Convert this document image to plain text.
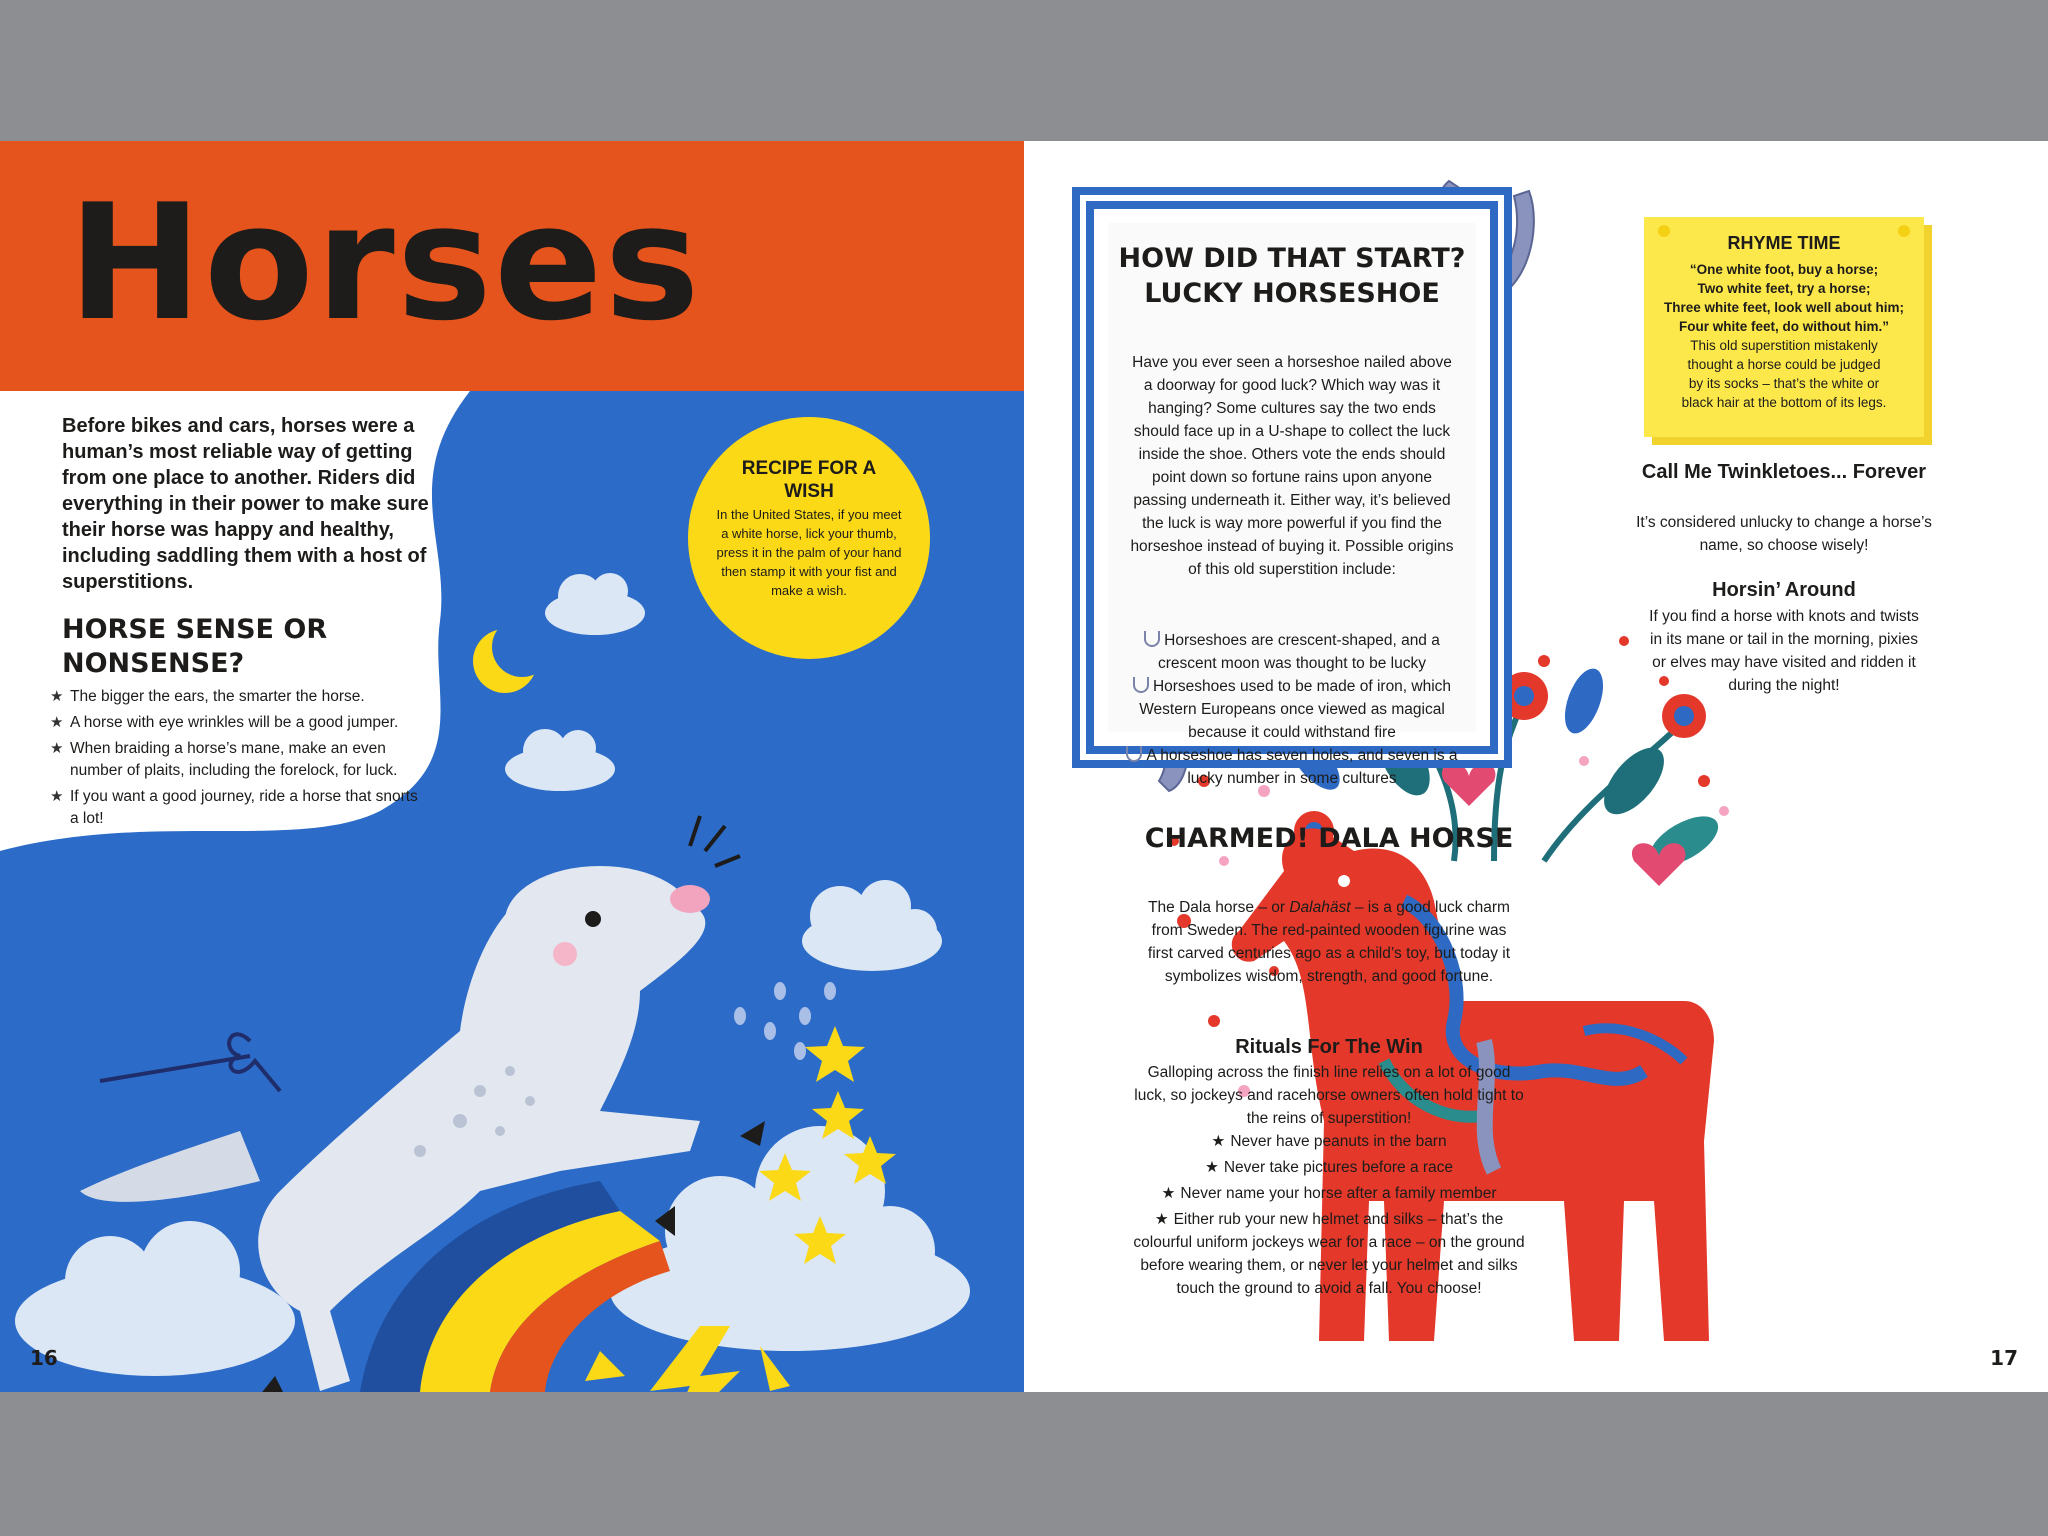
Horses

Before bikes and cars, horses were a human’s most reliable way of getting from one place to another. Riders did everything in their power to make sure their horse was happy and healthy, including saddling them with a host of superstitions.

HORSE SENSE OR NONSENSE?
★ The bigger the ears, the smarter the horse.
★ A horse with eye wrinkles will be a good jumper.
★ When braiding a horse’s mane, make an even number of plaits, including the forelock, for luck.
★ If you want a good journey, ride a horse that snorts a lot!

RECIPE FOR A WISH

In the United States, if you meet a white horse, lick your thumb, press it in the palm of your hand then stamp it with your fist and make a wish.

16
HOW DID THAT START? LUCKY HORSESHOE

Have you ever seen a horseshoe nailed above a doorway for good luck? Which way was it hanging? Some cultures say the two ends should face up in a U-shape to collect the luck inside the shoe. Others vote the ends should point down so fortune rains upon anyone passing underneath it. Either way, it’s believed the luck is way more powerful if you find the horseshoe instead of buying it. Possible origins of this old superstition include:

Horseshoes are crescent-shaped, and a crescent moon was thought to be lucky
Horseshoes used to be made of iron, which Western Europeans once viewed as magical because it could withstand fire
A horseshoe has seven holes, and seven is a lucky number in some cultures

RHYME TIME

“One white foot, buy a horse;

Two white feet, try a horse;

Three white feet, look well about him;

Four white feet, do without him.”

This old superstition mistakenly thought a horse could be judged by its socks – that’s the white or black hair at the bottom of its legs.

Call Me Twinkletoes... Forever

It’s considered unlucky to change a horse’s name, so choose wisely!

Horsin’ Around

If you find a horse with knots and twists in its mane or tail in the morning, pixies or elves may have visited and ridden it during the night!

CHARMED! DALA HORSE

The Dala horse – or Dalahäst – is a good luck charm from Sweden. The red-painted wooden figurine was first carved centuries ago as a child’s toy, but today it symbolizes wisdom, strength, and good fortune.

Rituals For The Win

Galloping across the finish line relies on a lot of good luck, so jockeys and racehorse owners often hold tight to the reins of superstition!

★ Never have peanuts in the barn
★ Never take pictures before a race
★ Never name your horse after a family member
★ Either rub your new helmet and silks – that’s the colourful uniform jockeys wear for a race – on the ground before wearing them, or never let your helmet and silks touch the ground to avoid a fall. You choose!
17
